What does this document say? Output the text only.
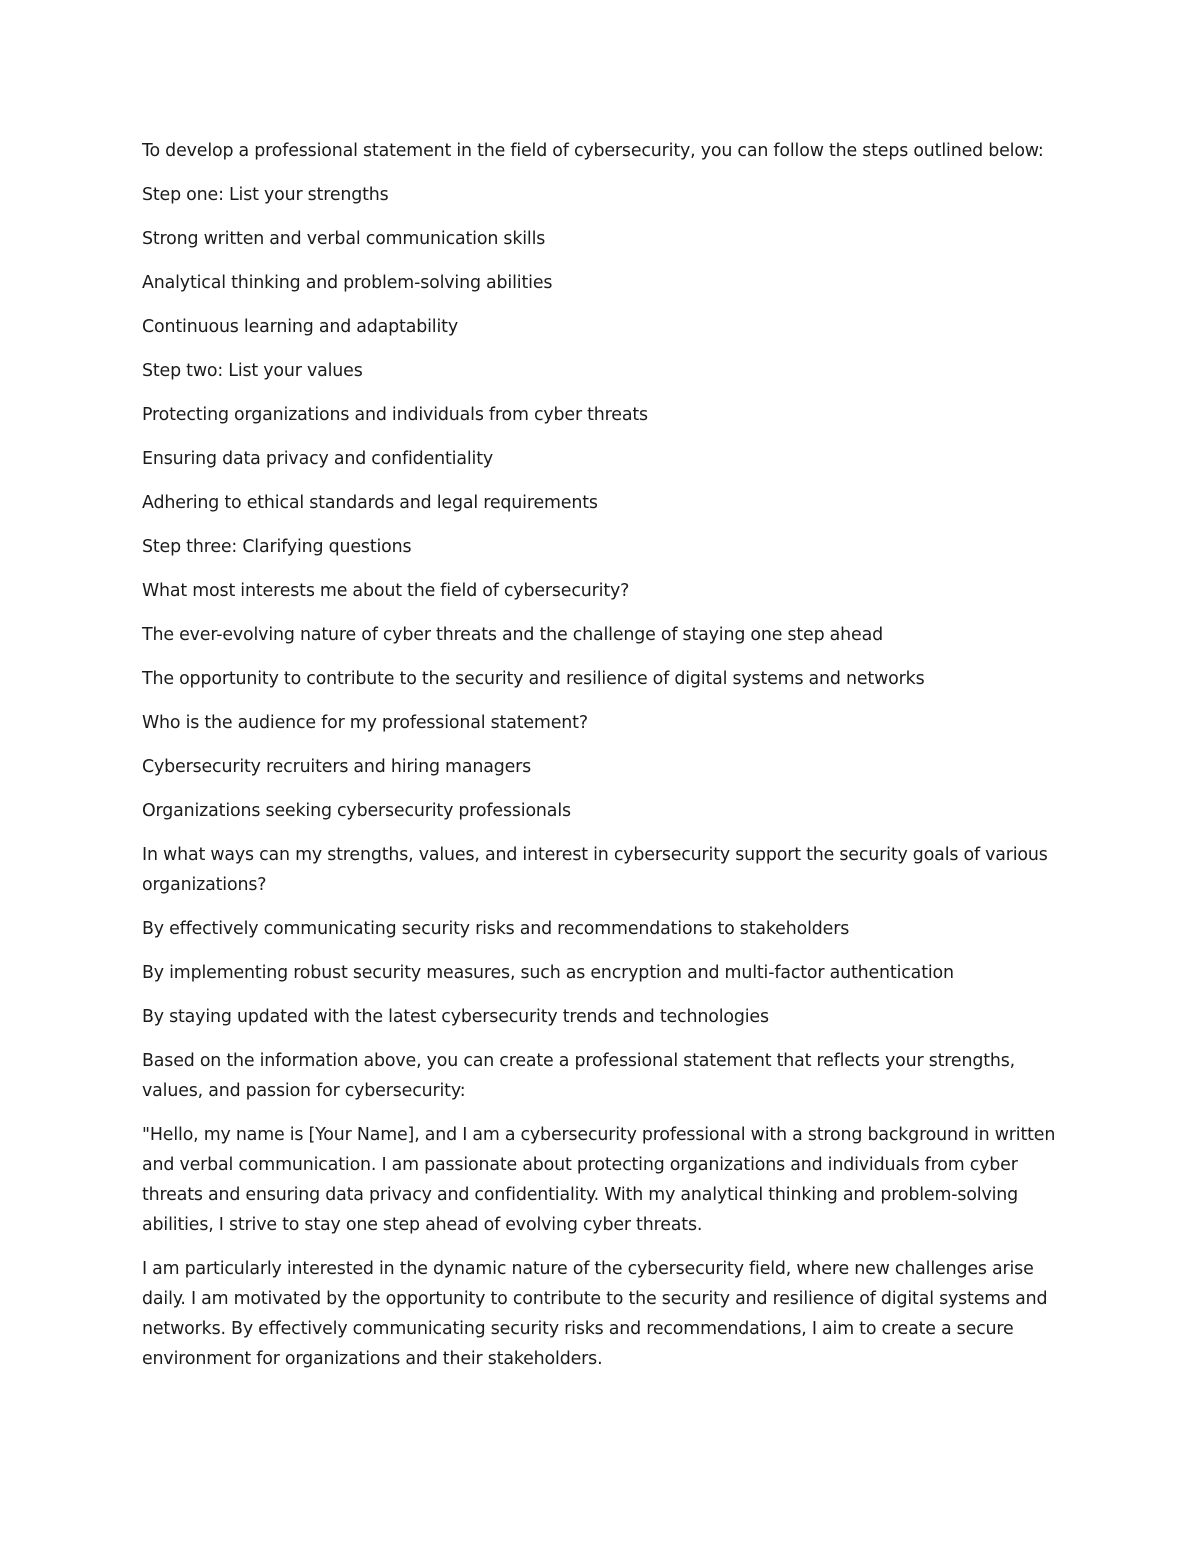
To develop a professional statement in the field of cybersecurity, you can follow the steps outlined below:

Step one: List your strengths

Strong written and verbal communication skills

Analytical thinking and problem-solving abilities

Continuous learning and adaptability

Step two: List your values

Protecting organizations and individuals from cyber threats

Ensuring data privacy and confidentiality

Adhering to ethical standards and legal requirements

Step three: Clarifying questions

What most interests me about the field of cybersecurity?

The ever-evolving nature of cyber threats and the challenge of staying one step ahead

The opportunity to contribute to the security and resilience of digital systems and networks

Who is the audience for my professional statement?

Cybersecurity recruiters and hiring managers

Organizations seeking cybersecurity professionals

In what ways can my strengths, values, and interest in cybersecurity support the security goals of various organizations?

By effectively communicating security risks and recommendations to stakeholders

By implementing robust security measures, such as encryption and multi-factor authentication

By staying updated with the latest cybersecurity trends and technologies

Based on the information above, you can create a professional statement that reflects your strengths, values, and passion for cybersecurity:

"Hello, my name is [Your Name], and I am a cybersecurity professional with a strong background in written and verbal communication. I am passionate about protecting organizations and individuals from cyber threats and ensuring data privacy and confidentiality. With my analytical thinking and problem-solving abilities, I strive to stay one step ahead of evolving cyber threats.

I am particularly interested in the dynamic nature of the cybersecurity field, where new challenges arise daily. I am motivated by the opportunity to contribute to the security and resilience of digital systems and networks. By effectively communicating security risks and recommendations, I aim to create a secure environment for organizations and their stakeholders.
